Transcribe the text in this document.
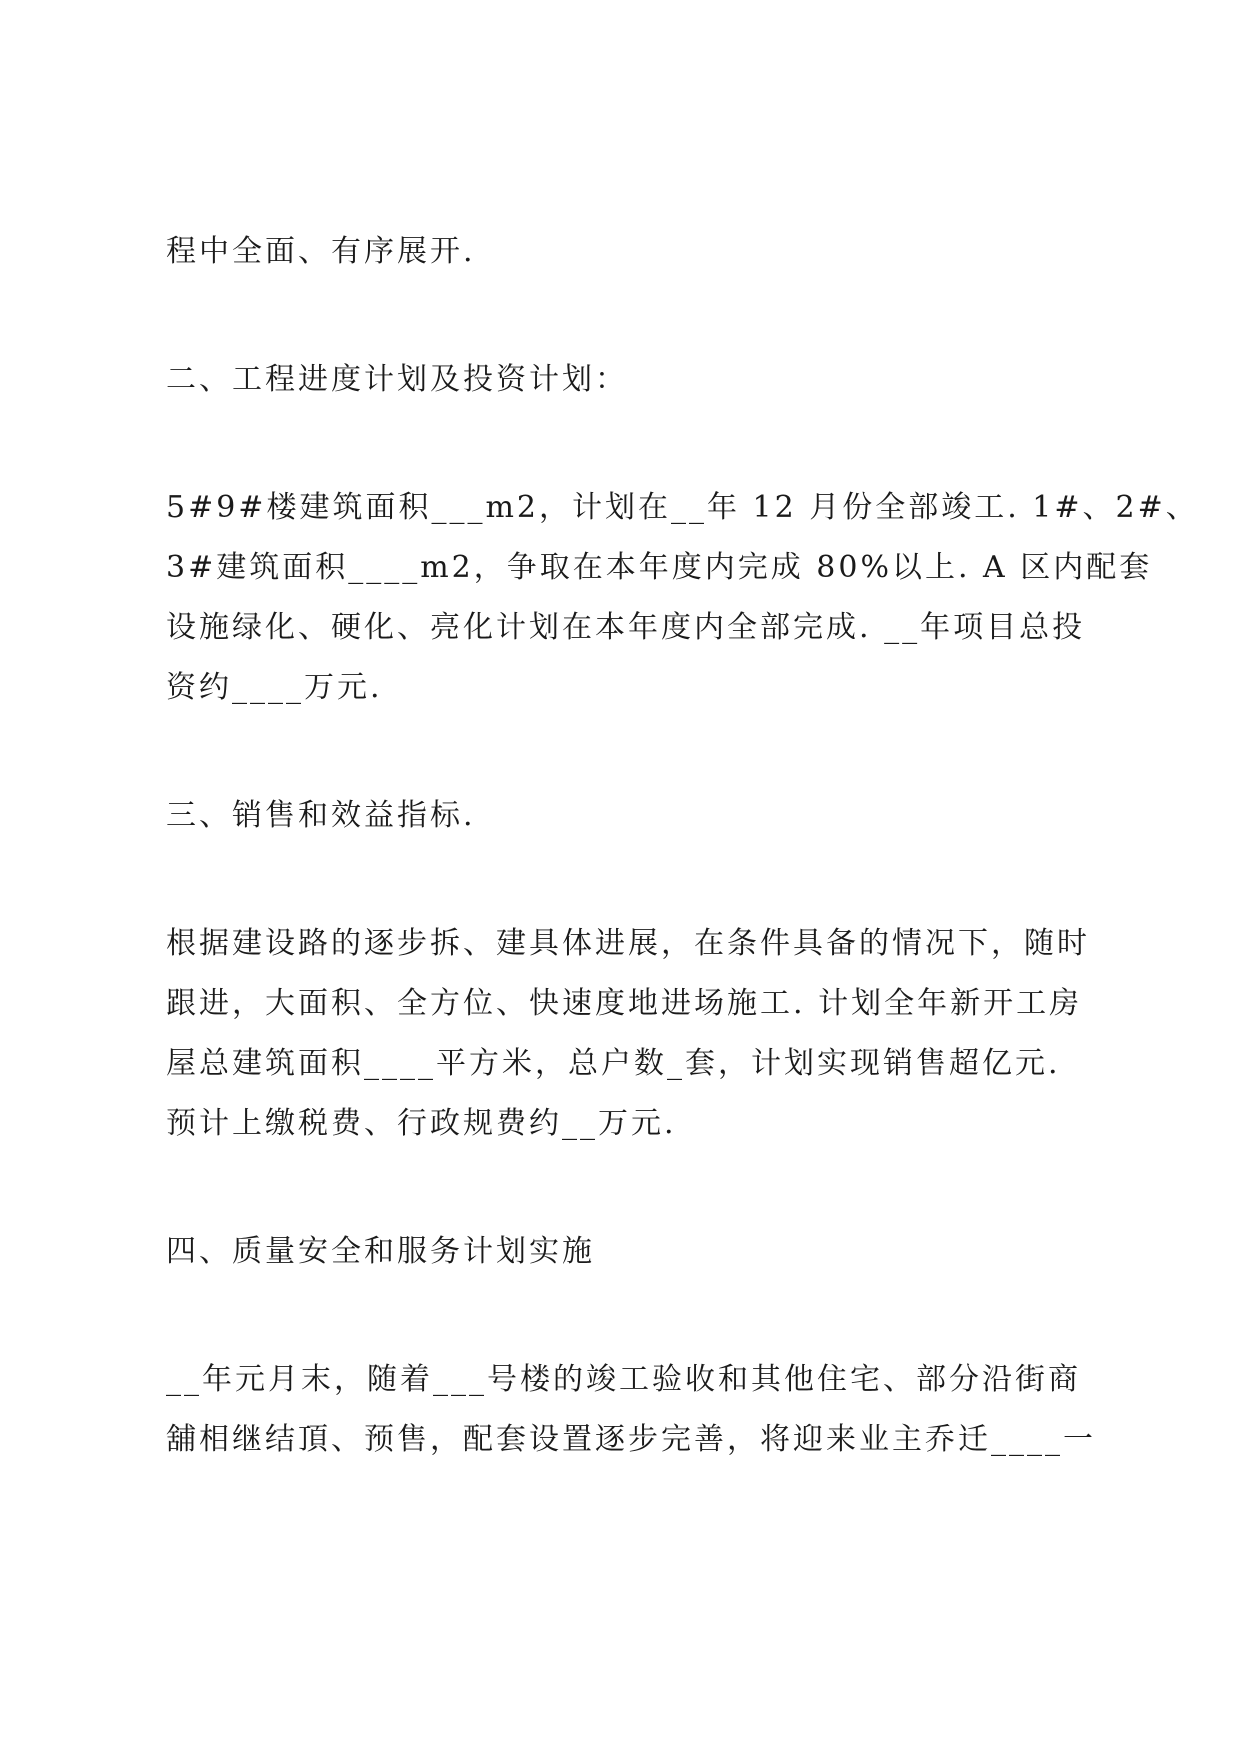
程中全面、有序展开.
二、工程进度计划及投资计划：
5#9#楼建筑面积___m2，计划在__年 12 月份全部竣工. 1#、2#、
3#建筑面积____m2，争取在本年度内完成 80%以上. A 区内配套
设施绿化、硬化、亮化计划在本年度内全部完成. __年项目总投
资约____万元.
三、销售和效益指标.
根据建设路的逐步拆、建具体进展，在条件具备的情况下，随时
跟进，大面积、全方位、快速度地进场施工. 计划全年新开工房
屋总建筑面积____平方米，总户数_套，计划实现销售超亿元.
预计上缴税费、行政规费约__万元.
四、质量安全和服务计划实施
__年元月末，随着___号楼的竣工验收和其他住宅、部分沿街商
舖相继结頂、预售，配套设置逐步完善，将迎来业主乔迁____一
